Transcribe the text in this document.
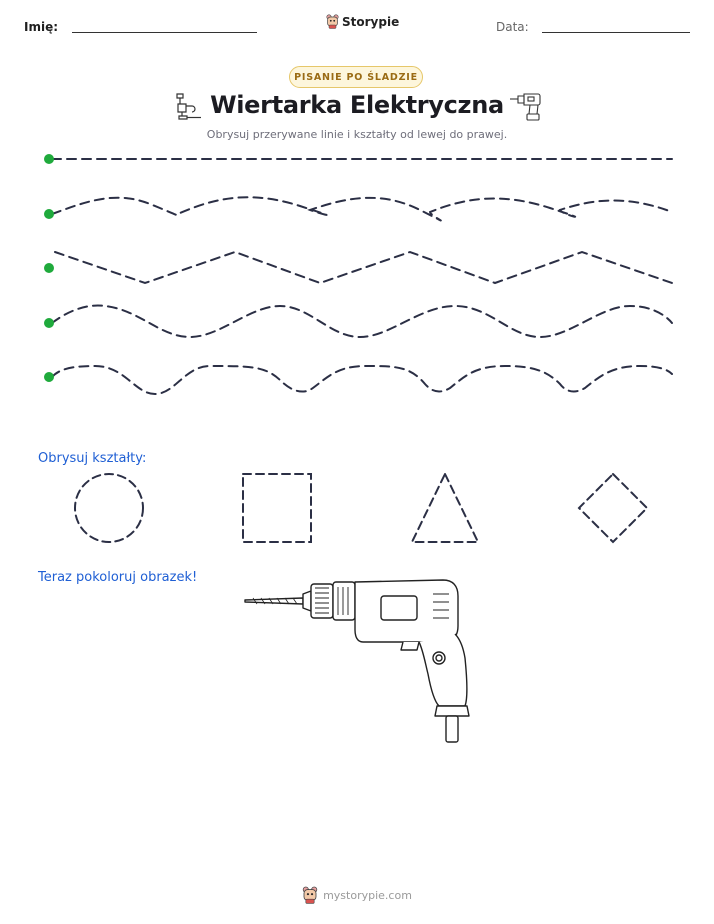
Imię:	Storypie	Data:
PISANIE PO ŚLADZIE
Wiertarka Elektryczna
Obrysuj przerywane linie i kształty od lewej do prawej.
Obrysuj kształty:
Teraz pokoloruj obrazek!
mystorypie.com
